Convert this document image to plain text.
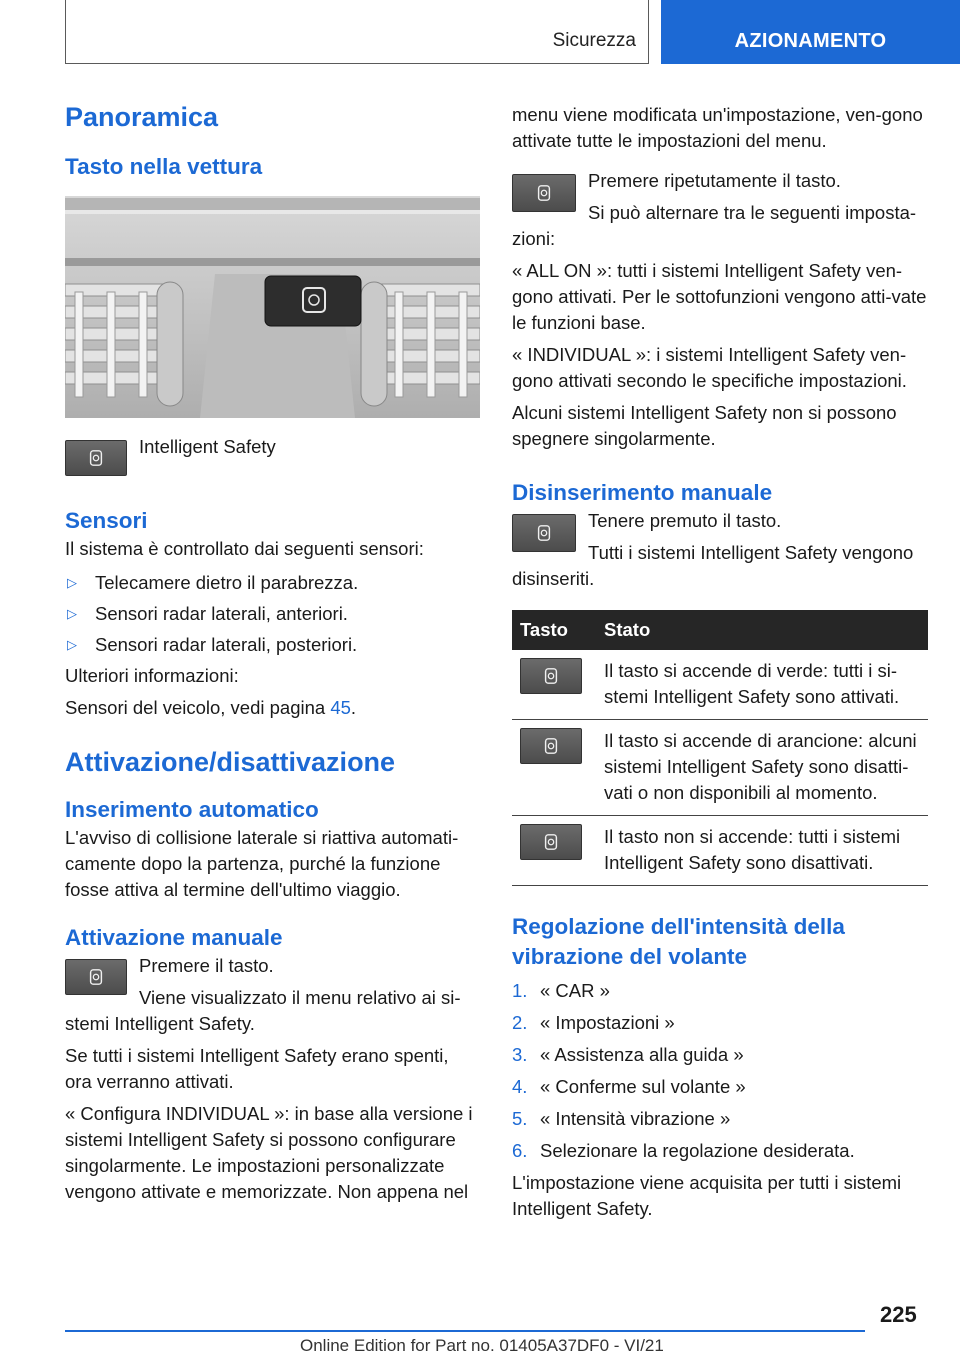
Sicurezza	AZIONAMENTO
Panoramica
Tasto nella vettura

Intelligent Safety

Sensori

Il sistema è controllato dai seguenti sensori:

▷ Telecamere dietro il parabrezza.
▷ Sensori radar laterali, anteriori.
▷ Sensori radar laterali, posteriori.

Ulteriori informazioni:

Sensori del veicolo, vedi pagina 45.

Attivazione/disattivazione
Inserimento automatico

L'avviso di collisione laterale si riattiva automati-camente dopo la partenza, purché la funzione fosse attiva al termine dell'ultimo viaggio.

Attivazione manuale

Premere il tasto.

Viene visualizzato il menu relativo ai si-stemi Intelligent Safety.

Se tutti i sistemi Intelligent Safety erano spenti, ora verranno attivati.

« Configura INDIVIDUAL »: in base alla versione i sistemi Intelligent Safety si possono configurare singolarmente. Le impostazioni personalizzate vengono attivate e memorizzate. Non appena nel

menu viene modificata un'impostazione, ven-gono attivate tutte le impostazioni del menu.

Premere ripetutamente il tasto.

Si può alternare tra le seguenti imposta-zioni:

« ALL ON »: tutti i sistemi Intelligent Safety ven-gono attivati. Per le sottofunzioni vengono atti-vate le funzioni base.

« INDIVIDUAL »: i sistemi Intelligent Safety ven-gono attivati secondo le specifiche impostazioni.

Alcuni sistemi Intelligent Safety non si possono spegnere singolarmente.

Disinserimento manuale

Tenere premuto il tasto.

Tutti i sistemi Intelligent Safety vengono disinseriti.

Tasto	Stato

	Il tasto si accende di verde: tutti i si-stemi Intelligent Safety sono attivati.

	Il tasto si accende di arancione: alcuni sistemi Intelligent Safety sono disatti-vati o non disponibili al momento.

	Il tasto non si accende: tutti i sistemi Intelligent Safety sono disattivati.
Regolazione dell'intensità della vibrazione del volante
1. « CAR »
2. « Impostazioni »
3. « Assistenza alla guida »
4. « Conferme sul volante »
5. « Intensità vibrazione »
6. Selezionare la regolazione desiderata.

L'impostazione viene acquisita per tutti i sistemi Intelligent Safety.

225
Online Edition for Part no. 01405A37DF0 - VI/21
